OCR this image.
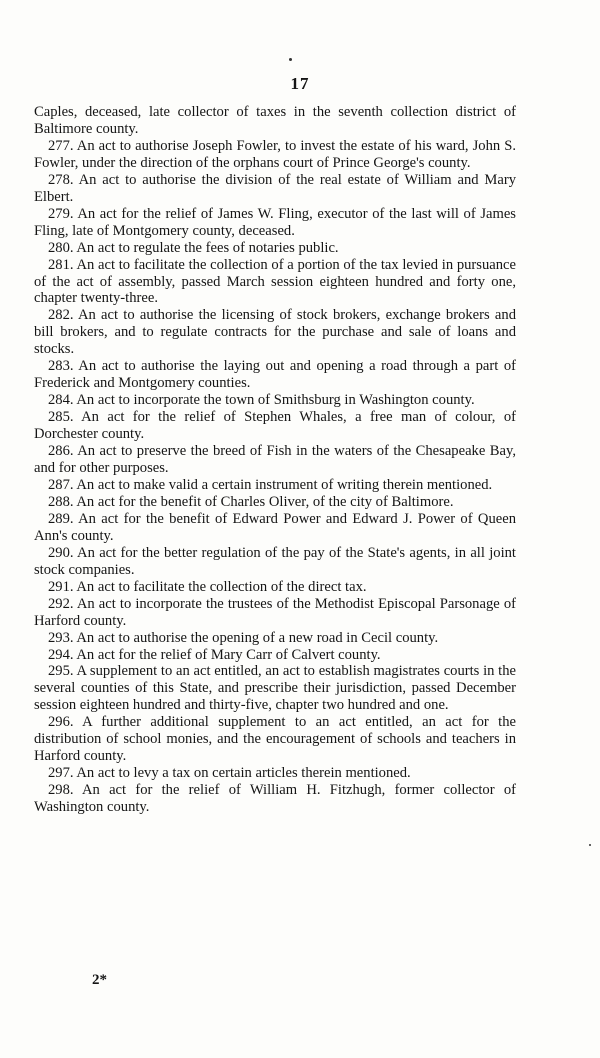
17

Caples, deceased, late collector of taxes in the seventh collection district of Baltimore county.

277. An act to authorise Joseph Fowler, to invest the estate of his ward, John S. Fowler, under the direction of the orphans court of Prince George's county.

278. An act to authorise the division of the real estate of William and Mary Elbert.

279. An act for the relief of James W. Fling, executor of the last will of James Fling, late of Montgomery county, deceased.

280. An act to regulate the fees of notaries public.

281. An act to facilitate the collection of a portion of the tax levied in pursuance of the act of assembly, passed March session eighteen hundred and forty one, chapter twenty-three.

282. An act to authorise the licensing of stock brokers, exchange brokers and bill brokers, and to regulate contracts for the purchase and sale of loans and stocks.

283. An act to authorise the laying out and opening a road through a part of Frederick and Montgomery counties.

284. An act to incorporate the town of Smithsburg in Washington county.

285. An act for the relief of Stephen Whales, a free man of colour, of Dorchester county.

286. An act to preserve the breed of Fish in the waters of the Chesapeake Bay, and for other purposes.

287. An act to make valid a certain instrument of writing therein mentioned.

288. An act for the benefit of Charles Oliver, of the city of Baltimore.

289. An act for the benefit of Edward Power and Edward J. Power of Queen Ann's county.

290. An act for the better regulation of the pay of the State's agents, in all joint stock companies.

291. An act to facilitate the collection of the direct tax.

292. An act to incorporate the trustees of the Methodist Episcopal Parsonage of Harford county.

293. An act to authorise the opening of a new road in Cecil county.

294. An act for the relief of Mary Carr of Calvert county.

295. A supplement to an act entitled, an act to establish magistrates courts in the several counties of this State, and prescribe their jurisdiction, passed December session eighteen hundred and thirty-five, chapter two hundred and one.

296. A further additional supplement to an act entitled, an act for the distribution of school monies, and the encouragement of schools and teachers in Harford county.

297. An act to levy a tax on certain articles therein mentioned.

298. An act for the relief of William H. Fitzhugh, former collector of Washington county.

2*
